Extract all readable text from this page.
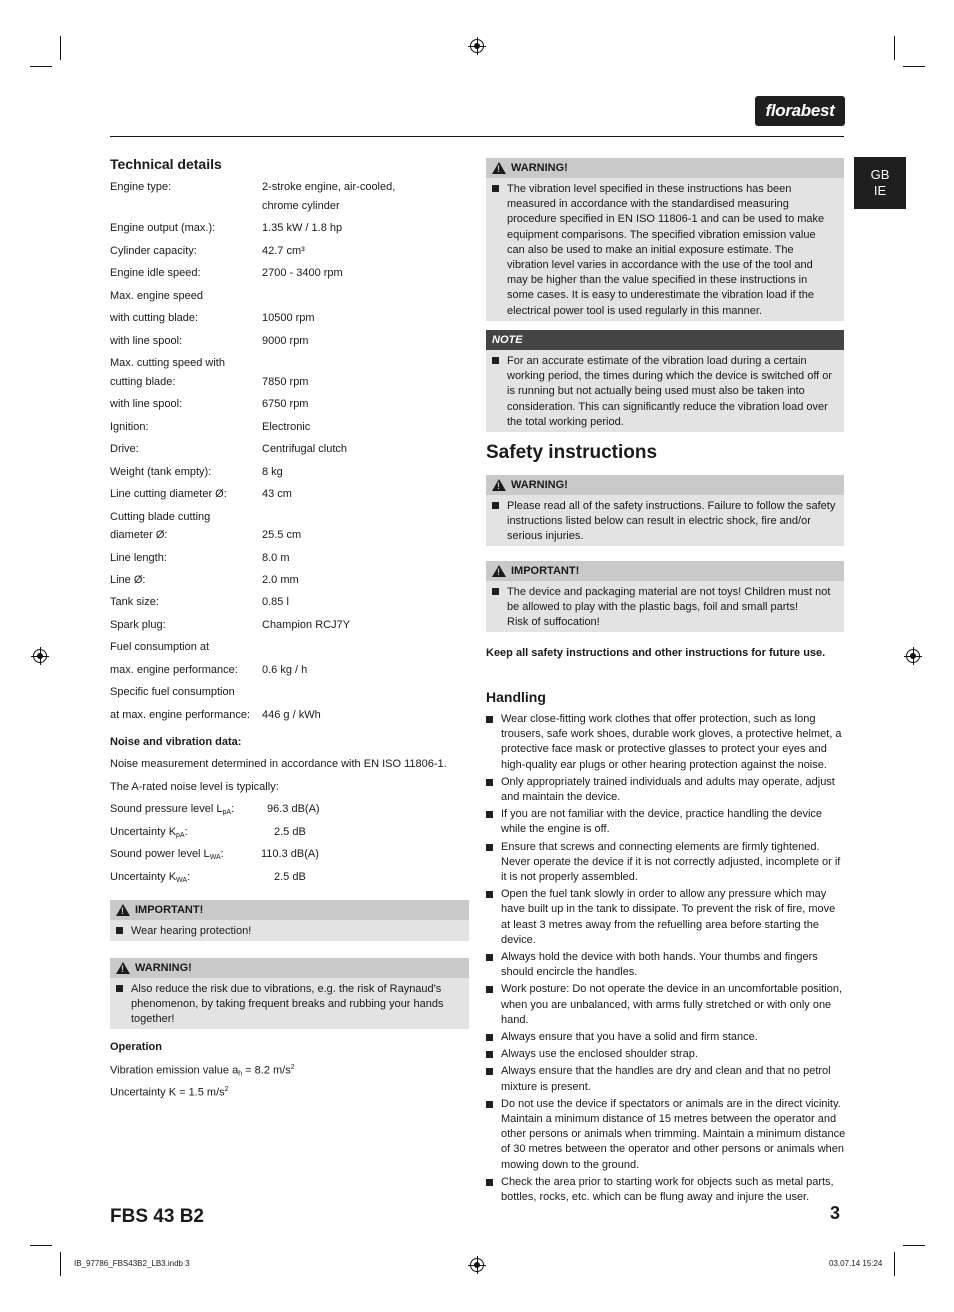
florabest
GB
IE
Technical details
Engine type:	2-stroke engine, air-cooled,
chrome cylinder
Engine output (max.):	1.35 kW / 1.8 hp
Cylinder capacity:	42.7 cm³
Engine idle speed:	2700 - 3400 rpm
Max. engine speed
with cutting blade:	10500 rpm
with line spool:	9000 rpm
Max. cutting speed with
cutting blade:	7850 rpm
with line spool:	6750 rpm
Ignition:	Electronic
Drive:	Centrifugal clutch
Weight (tank empty):	8 kg
Line cutting diameter Ø:	43 cm
Cutting blade cutting
diameter Ø:	25.5 cm
Line length:	8.0 m
Line Ø:	2.0 mm
Tank size:	0.85 l
Spark plug:	Champion RCJ7Y
Fuel consumption at
max. engine performance: 0.6 kg / h
Specific fuel consumption
at max. engine performance: 446 g / kWh
Noise and vibration data:
Noise measurement determined in accordance with EN ISO 11806-1.
The A-rated noise level is typically:
Sound pressure level $L_{pA}$:	96.3 dB(A)
Uncertainty $K_{pA}$:	2.5 dB
Sound power level $L_{WA}$:	110.3 dB(A)
Uncertainty $K_{WA}$:	2.5 dB
!
IMPORTANT!
Wear hearing protection!
!
WARNING!
Also reduce the risk due to vibrations, e.g. the risk of Raynaud's phenomenon, by taking frequent breaks and rubbing your hands together!
Operation
Vibration emission value $a_h = 8.2$ $m/s^2$
Uncertainty K = 1.5 $m/s^2$
!
WARNING!
The vibration level specified in these instructions has been measured in accordance with the standardised measuring procedure specified in EN ISO 11806-1 and can be used to make equipment comparisons. The specified vibration emission value can also be used to make an initial exposure estimate. The vibration level varies in accordance with the use of the tool and may be higher than the value specified in these instructions in some cases. It is easy to underestimate the vibration load if the electrical power tool is used regularly in this manner.
NOTE
For an accurate estimate of the vibration load during a certain working period, the times during which the device is switched off or is running but not actually being used must also be taken into consideration. This can significantly reduce the vibration load over the total working period.
Safety instructions
!
WARNING!
Please read all of the safety instructions. Failure to follow the safety instructions listed below can result in electric shock, fire and/or serious injuries.
!
IMPORTANT!
The device and packaging material are not toys! Children must not be allowed to play with the plastic bags, foil and small parts!
Risk of suffocation!
Keep all safety instructions and other instructions for future use.
Handling
Wear close-fitting work clothes that offer protection, such as long trousers, safe work shoes, durable work gloves, a protective helmet, a protective face mask or protective glasses to protect your eyes and high-quality ear plugs or other hearing protection against the noise.
Only appropriately trained individuals and adults may operate, adjust and maintain the device.
If you are not familiar with the device, practice handling the device while the engine is off.
Ensure that screws and connecting elements are firmly tightened. Never operate the device if it is not correctly adjusted, incomplete or if it is not properly assembled.
Open the fuel tank slowly in order to allow any pressure which may have built up in the tank to dissipate. To prevent the risk of fire, move at least 3 metres away from the refuelling area before starting the device.
Always hold the device with both hands. Your thumbs and fingers should encircle the handles.
Work posture: Do not operate the device in an uncomfortable position, when you are unbalanced, with arms fully stretched or with only one hand.
Always ensure that you have a solid and firm stance.
Always use the enclosed shoulder strap.
Always ensure that the handles are dry and clean and that no petrol mixture is present.
Do not use the device if spectators or animals are in the direct vicinity. Maintain a minimum distance of 15 metres between the operator and other persons or animals when trimming. Maintain a minimum distance of 30 metres between the operator and other persons or animals when mowing down to the ground.
Check the area prior to starting work for objects such as metal parts, bottles, rocks, etc. which can be flung away and injure the user.
FBS 43 B2	3
IB_97786_FBS43B2_LB3.indb 3	03.07.14 15:24
